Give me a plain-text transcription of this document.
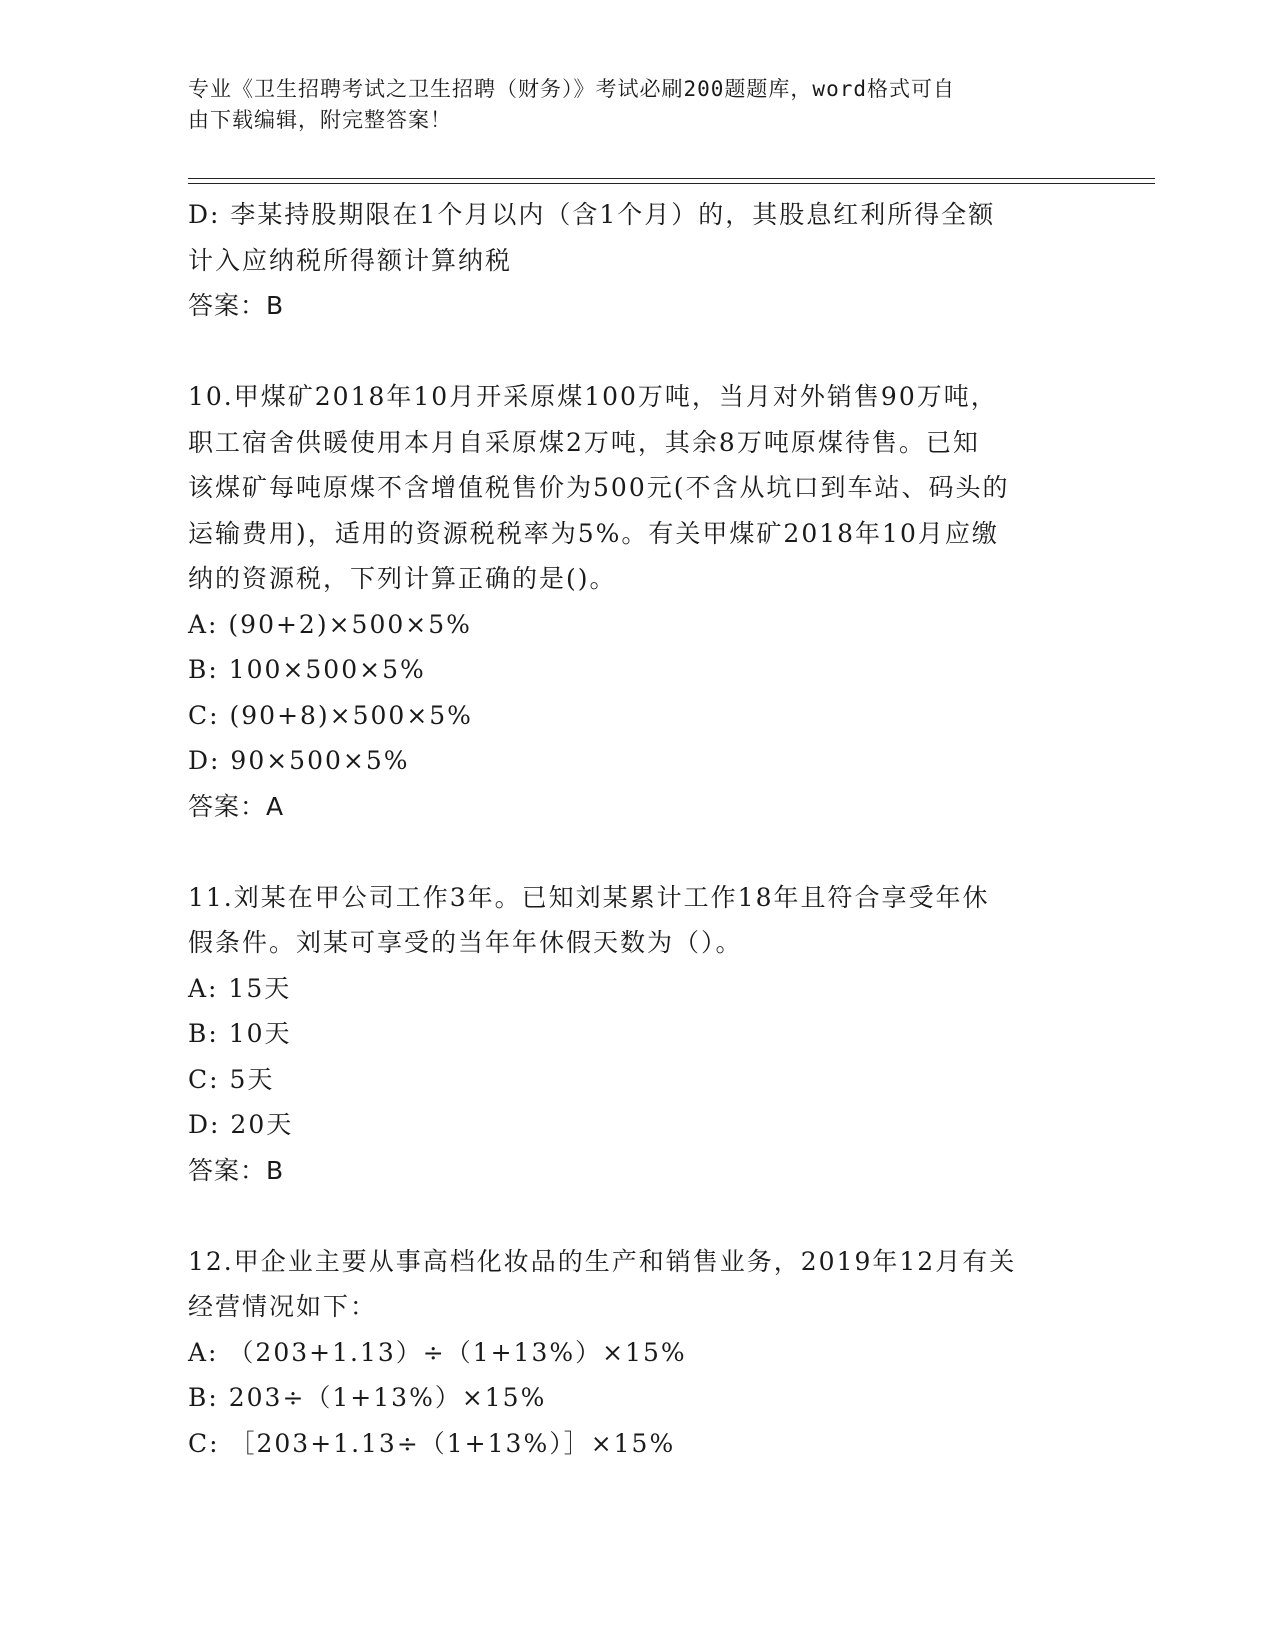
专业《卫生招聘考试之卫生招聘（财务）》考试必刷200题题库，word格式可自
由下载编辑，附完整答案！
D: 李某持股期限在1个月以内（含1个月）的，其股息红利所得全额
计入应纳税所得额计算纳税
答案：B
10.甲煤矿2018年10月开采原煤100万吨，当月对外销售90万吨，
职工宿舍供暖使用本月自采原煤2万吨，其余8万吨原煤待售。已知
该煤矿每吨原煤不含增值税售价为500元(不含从坑口到车站、码头的
运输费用)，适用的资源税税率为5%。有关甲煤矿2018年10月应缴
纳的资源税，下列计算正确的是()。
A: (90+2)×500×5%
B: 100×500×5%
C: (90+8)×500×5%
D: 90×500×5%
答案：A
11.刘某在甲公司工作3年。已知刘某累计工作18年且符合享受年休
假条件。刘某可享受的当年年休假天数为（）。
A: 15天
B: 10天
C: 5天
D: 20天
答案：B
12.甲企业主要从事高档化妆品的生产和销售业务，2019年12月有关
经营情况如下：
A: （203+1.13）÷（1+13%）×15%
B: 203÷（1+13%）×15%
C: ［203+1.13÷（1+13%）］×15%
